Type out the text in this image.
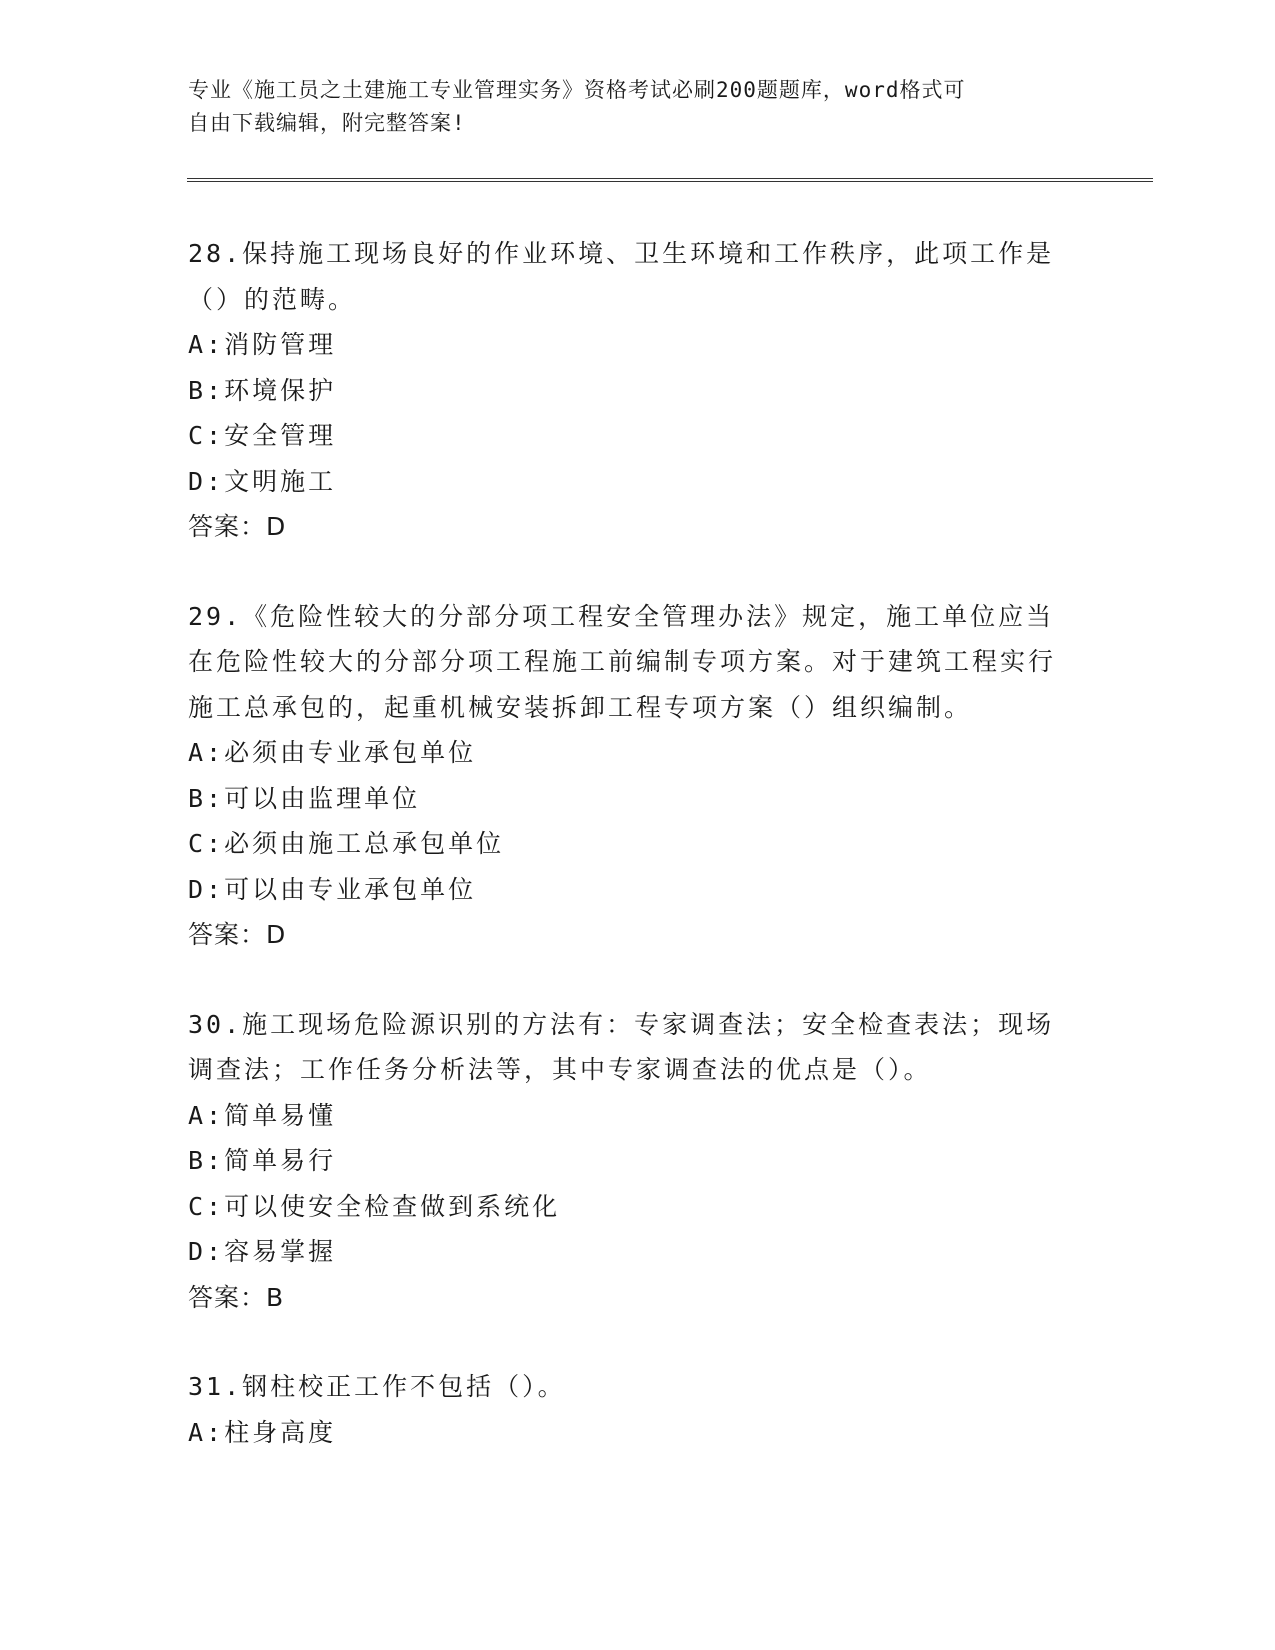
专业《施工员之土建施工专业管理实务》资格考试必刷200题题库，word格式可
自由下载编辑，附完整答案!
28.保持施工现场良好的作业环境、卫生环境和工作秩序，此项工作是（）的范畴。
A:消防管理
B:环境保护
C:安全管理
D:文明施工
答案：D
29.《危险性较大的分部分项工程安全管理办法》规定，施工单位应当在危险性较大的分部分项工程施工前编制专项方案。对于建筑工程实行施工总承包的，起重机械安装拆卸工程专项方案（）组织编制。
A:必须由专业承包单位
B:可以由监理单位
C:必须由施工总承包单位
D:可以由专业承包单位
答案：D
30.施工现场危险源识别的方法有：专家调查法；安全检查表法；现场调查法；工作任务分析法等，其中专家调查法的优点是（）。
A:简单易懂
B:简单易行
C:可以使安全检查做到系统化
D:容易掌握
答案：B
31.钢柱校正工作不包括（）。
A:柱身高度
